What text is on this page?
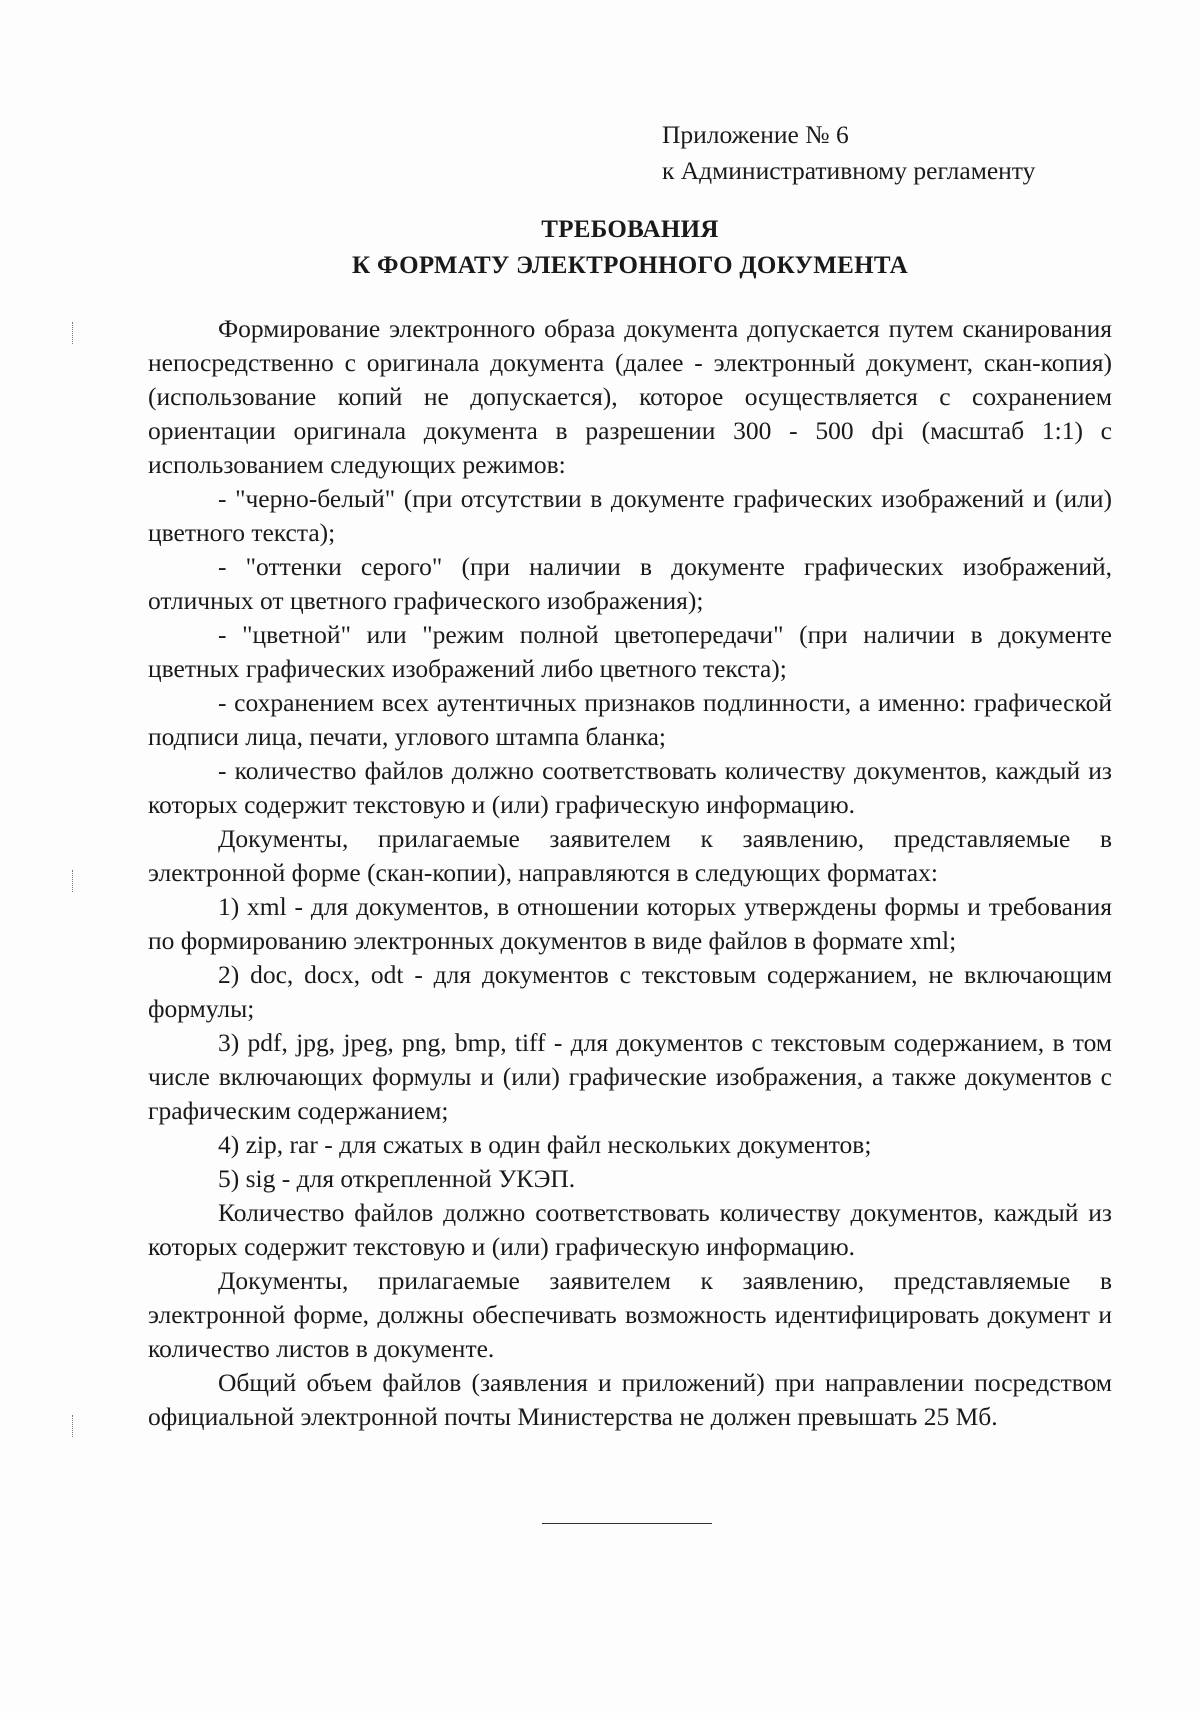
Приложение № 6
к Административному регламенту
ТРЕБОВАНИЯ
К ФОРМАТУ ЭЛЕКТРОННОГО ДОКУМЕНТА

Формирование электронного образа документа допускается путем сканирования непосредственно с оригинала документа (далее - электронный документ, скан-копия) (использование копий не допускается), которое осуществляется с сохранением ориентации оригинала документа в разрешении 300 - 500 dpi (масштаб 1:1) с использованием следующих режимов:

- "черно-белый" (при отсутствии в документе графических изображений и (или) цветного текста);

- "оттенки серого" (при наличии в документе графических изображений, отличных от цветного графического изображения);

- "цветной" или "режим полной цветопередачи" (при наличии в документе цветных графических изображений либо цветного текста);

- сохранением всех аутентичных признаков подлинности, а именно: графической подписи лица, печати, углового штампа бланка;

- количество файлов должно соответствовать количеству документов, каждый из которых содержит текстовую и (или) графическую информацию.

Документы, прилагаемые заявителем к заявлению, представляемые в электронной форме (скан-копии), направляются в следующих форматах:

1) xml - для документов, в отношении которых утверждены формы и требования по формированию электронных документов в виде файлов в формате xml;

2) doc, docx, odt - для документов с текстовым содержанием, не включающим формулы;

3) pdf, jpg, jpeg, png, bmp, tiff - для документов с текстовым содержанием, в том числе включающих формулы и (или) графические изображения, а также документов с графическим содержанием;

4) zip, rar - для сжатых в один файл нескольких документов;

5) sig - для открепленной УКЭП.

Количество файлов должно соответствовать количеству документов, каждый из которых содержит текстовую и (или) графическую информацию.

Документы, прилагаемые заявителем к заявлению, представляемые в электронной форме, должны обеспечивать возможность идентифицировать документ и количество листов в документе.

Общий объем файлов (заявления и приложений) при направлении посредством официальной электронной почты Министерства не должен превышать 25 Мб.
